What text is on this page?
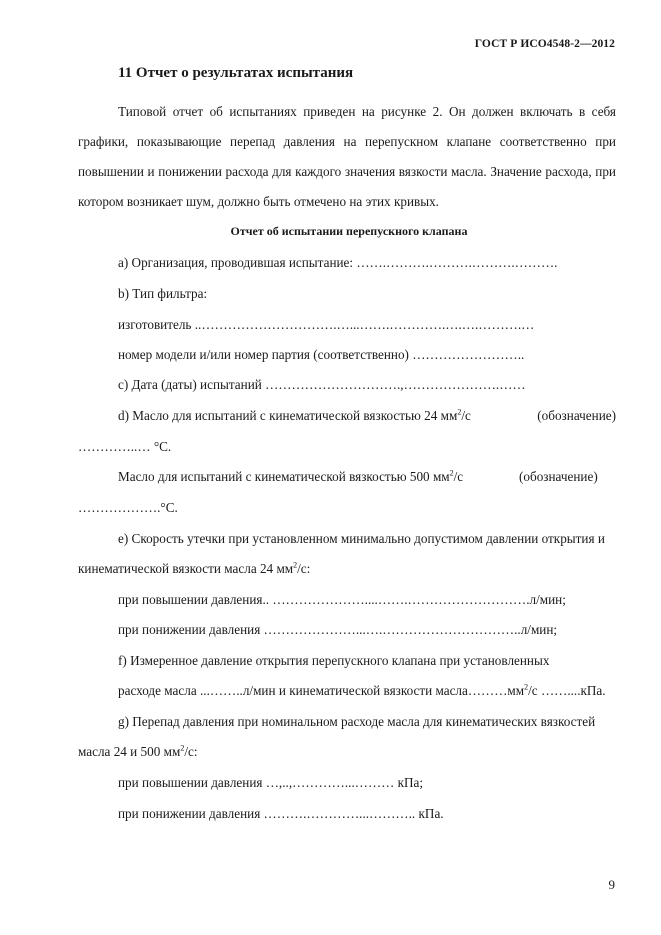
ГОСТ Р ИСО4548-2—2012
11 Отчет о результатах испытания

Типовой отчет об испытаниях приведен на рисунке 2. Он должен включать в себя графики, показывающие перепад давления на перепускном клапане соответственно при повышении и понижении расхода для каждого значения вязкости масла. Значение расхода, при котором возникает шум, должно быть отмечено на этих кривых.

Отчет об испытании перепускного клапана
а) Организация, проводившая испытание: …….……….……….……….……….
b) Тип фильтра:
изготовитель ..………………………….…...…….………….….….……….…
номер модели и/или номер партия (соответственно) ……………………..
с) Дата (даты) испытаний ………………………….,………………….……
d) Масло для испытаний с кинематической вязкостью 24 $мм^2/с$	(обозначение)
…………..… °С.
Масло для испытаний с кинематической вязкостью 500 $мм^2/с$	(обозначение)
……………….°С.
е) Скорость утечки при установленном минимально допустимом давлении открытия и
кинематической вязкости масла 24 $мм^2/с$:
при повышении давления.. …………………....…….……………………….л/мин;
при понижении давления …………………...….…………………………..л/мин;
f) Измеренное давление открытия перепускного клапана при установленных
расходе масла ...……..л/мин и кинематической вязкости $масла\dots\dots\dots мм^2/с$ ……....кПа.
g) Перепад давления при номинальном расходе масла для кинематических вязкостей
масла 24 и 500 $мм^2/с$:
при повышении давления …,..,…………...……… кПа;
при понижении давления ……….…………...……….. кПа.
9
